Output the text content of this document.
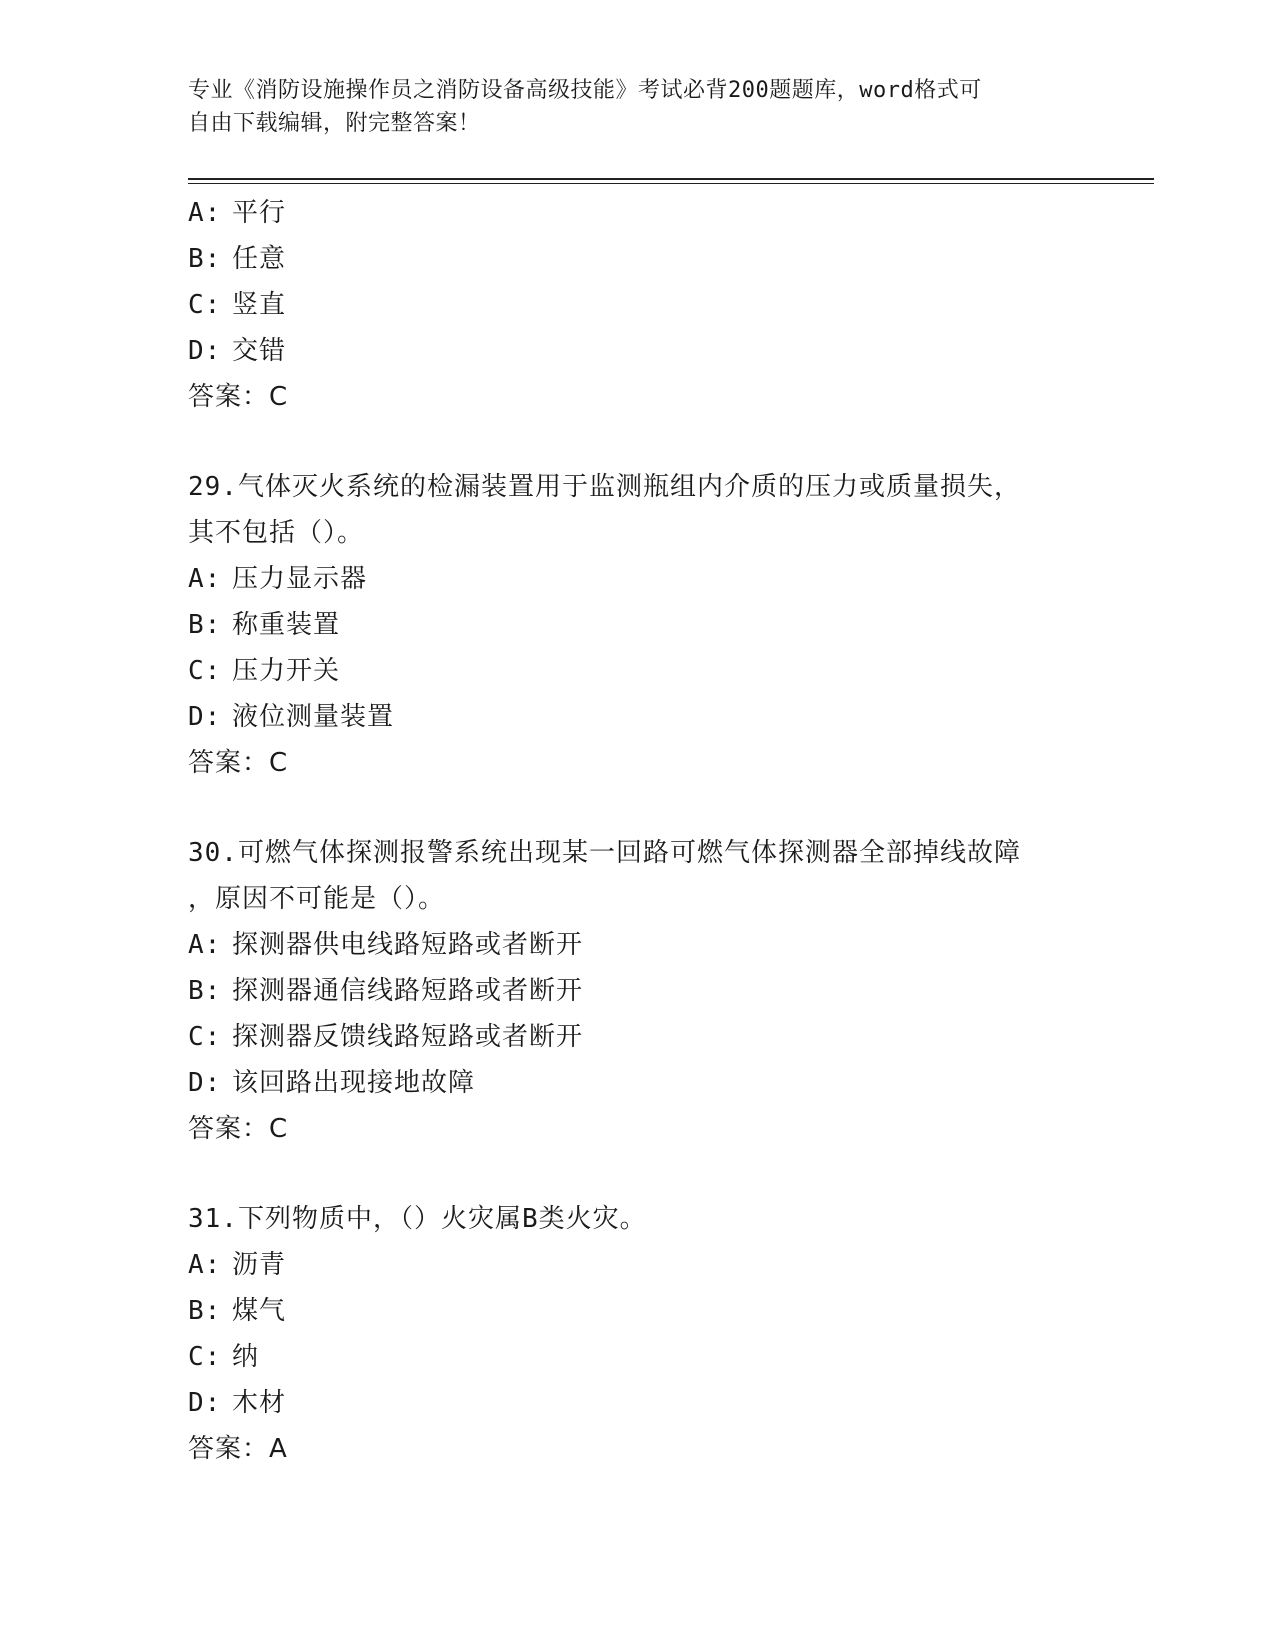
专业《消防设施操作员之消防设备高级技能》考试必背200题题库，word格式可
自由下载编辑，附完整答案！
A: 平行
B: 任意
C: 竖直
D: 交错
答案：C
29.气体灭火系统的检漏装置用于监测瓶组内介质的压力或质量损失，
其不包括（）。
A: 压力显示器
B: 称重装置
C: 压力开关
D: 液位测量装置
答案：C
30.可燃气体探测报警系统出现某一回路可燃气体探测器全部掉线故障
，原因不可能是（）。
A: 探测器供电线路短路或者断开
B: 探测器通信线路短路或者断开
C: 探测器反馈线路短路或者断开
D: 该回路出现接地故障
答案：C
31.下列物质中，（）火灾属B类火灾。
A: 沥青
B: 煤气
C: 纳
D: 木材
答案：A
